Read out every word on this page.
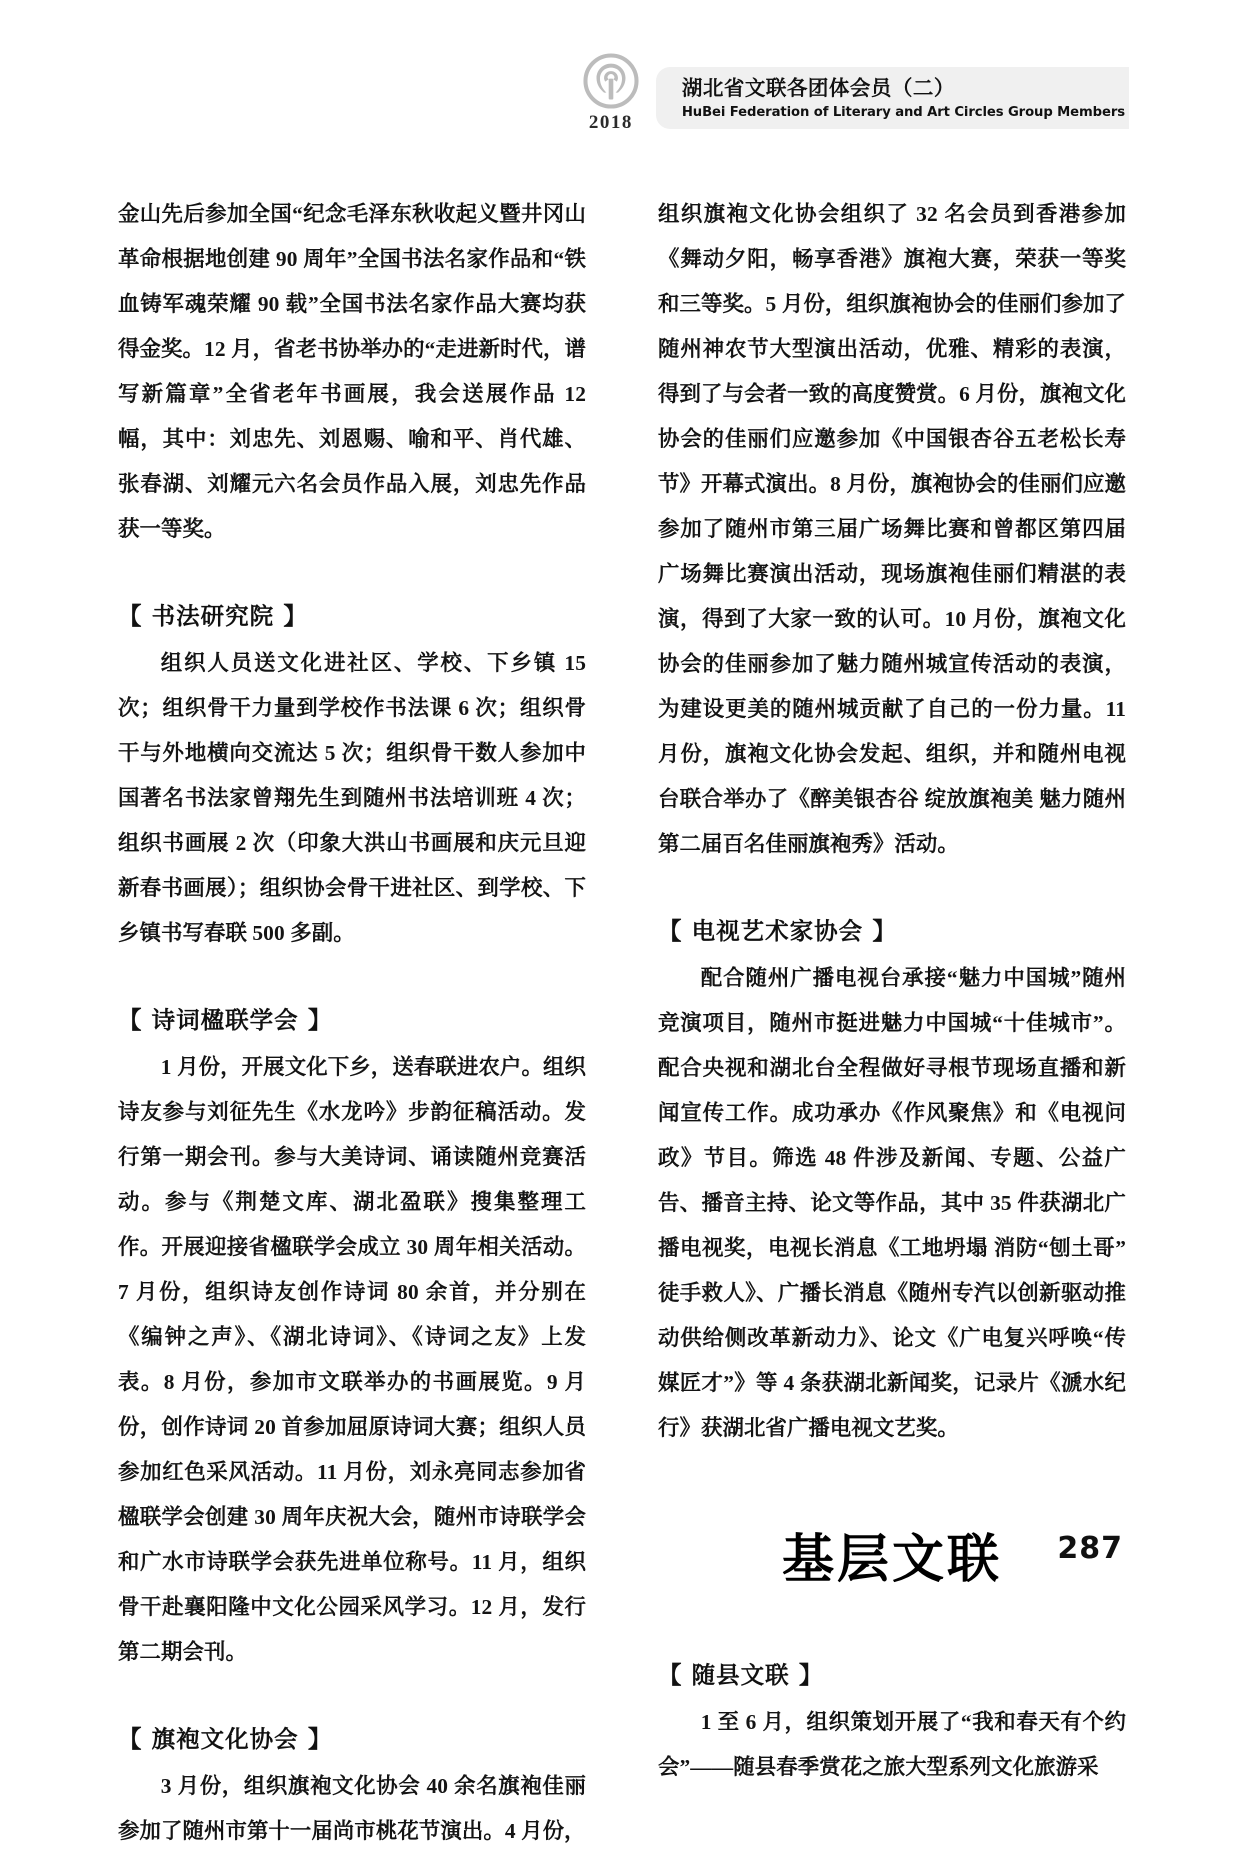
2018
湖北省文联各团体会员（二）
HuBei Federation of Literary and Art Circles Group Members

金山先后参加全国“纪念毛泽东秋收起义暨井冈山革命根据地创建 90 周年”全国书法名家作品和“铁血铸军魂荣耀 90 载”全国书法名家作品大赛均获得金奖。12 月，省老书协举办的“走进新时代，谱写新篇章”全省老年书画展，我会送展作品 12 幅，其中：刘忠先、刘恩赐、喻和平、肖代雄、张春湖、刘耀元六名会员作品入展，刘忠先作品获一等奖。

【 书法研究院 】

组织人员送文化进社区、学校、下乡镇 15 次；组织骨干力量到学校作书法课 6 次；组织骨干与外地横向交流达 5 次；组织骨干数人参加中国著名书法家曾翔先生到随州书法培训班 4 次；组织书画展 2 次（印象大洪山书画展和庆元旦迎新春书画展）；组织协会骨干进社区、到学校、下乡镇书写春联 500 多副。

【 诗词楹联学会 】

1 月份，开展文化下乡，送春联进农户。组织诗友参与刘征先生《水龙吟》步韵征稿活动。发行第一期会刊。参与大美诗词、诵读随州竞赛活动。参与《荆楚文库、湖北盈联》搜集整理工作。开展迎接省楹联学会成立 30 周年相关活动。7 月份，组织诗友创作诗词 80 余首，并分别在《编钟之声》、《湖北诗词》、《诗词之友》上发表。8 月份，参加市文联举办的书画展览。9 月份，创作诗词 20 首参加屈原诗词大赛；组织人员参加红色采风活动。11 月份，刘永亮同志参加省楹联学会创建 30 周年庆祝大会，随州市诗联学会和广水市诗联学会获先进单位称号。11 月，组织骨干赴襄阳隆中文化公园采风学习。12 月，发行第二期会刊。

【 旗袍文化协会 】

3 月份，组织旗袍文化协会 40 余名旗袍佳丽参加了随州市第十一届尚市桃花节演出。4 月份，

组织旗袍文化协会组织了 32 名会员到香港参加《舞动夕阳，畅享香港》旗袍大赛，荣获一等奖和三等奖。5 月份，组织旗袍协会的佳丽们参加了随州神农节大型演出活动，优雅、精彩的表演，得到了与会者一致的高度赞赏。6 月份，旗袍文化协会的佳丽们应邀参加《中国银杏谷五老松长寿节》开幕式演出。8 月份，旗袍协会的佳丽们应邀参加了随州市第三届广场舞比赛和曾都区第四届广场舞比赛演出活动，现场旗袍佳丽们精湛的表演，得到了大家一致的认可。10 月份，旗袍文化协会的佳丽参加了魅力随州城宣传活动的表演，为建设更美的随州城贡献了自己的一份力量。11 月份，旗袍文化协会发起、组织，并和随州电视台联合举办了《醉美银杏谷 绽放旗袍美 魅力随州第二届百名佳丽旗袍秀》活动。

【 电视艺术家协会 】

配合随州广播电视台承接“魅力中国城”随州竞演项目，随州市挺进魅力中国城“十佳城市”。配合央视和湖北台全程做好寻根节现场直播和新闻宣传工作。成功承办《作风聚焦》和《电视问政》节目。筛选 48 件涉及新闻、专题、公益广告、播音主持、论文等作品，其中 35 件获湖北广播电视奖，电视长消息《工地坍塌 消防“刨土哥”徒手救人》、广播长消息《随州专汽以创新驱动推动供给侧改革新动力》、论文《广电复兴呼唤“传媒匠才”》等 4 条获湖北新闻奖，记录片《㴲水纪行》获湖北省广播电视文艺奖。

基层文联
【 随县文联 】

1 至 6 月，组织策划开展了“我和春天有个约会”——随县春季赏花之旅大型系列文化旅游采

287
